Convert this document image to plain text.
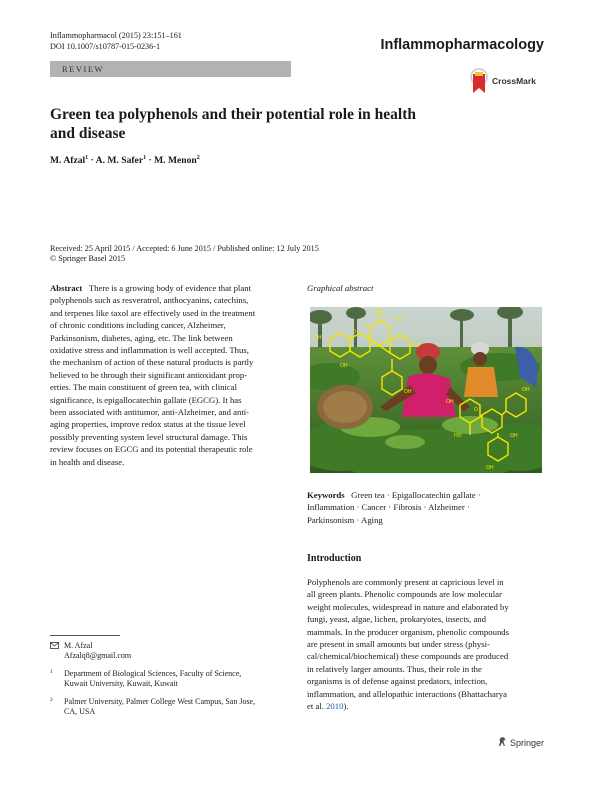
Inflammopharmacol (2015) 23:151–161
DOI 10.1007/s10787-015-0236-1	Inflammopharmacology
REVIEW
CrossMark
Green tea polyphenols and their potential role in health
and disease
M. Afzal$^1$ · A. M. Safer$^1$ · M. Menon$^2$
Received: 25 April 2015 / Accepted: 6 June 2015 / Published online: 12 July 2015
© Springer Basel 2015
Abstract There is a growing body of evidence that plant
polyphenols such as resveratrol, anthocyanins, catechins,
and terpenes like taxol are effectively used in the treatment
of chronic conditions including cancer, Alzheimer,
Parkinsonism, diabetes, aging, etc. The link between
oxidative stress and inflammation is well accepted. Thus,
the mechanism of action of these natural products is partly
believed to be through their significant antioxidant prop-
erties. The main constituent of green tea, with clinical
significance, is epigallocatechin gallate (EGCG). It has
been associated with antitumor, anti-Alzheimer, and anti-
aging properties, improve redox status at the tissue level
possibly preventing system level structural damage. This
review focuses on EGCG and its potential therapeutic role
in health and disease.
Graphical abstract
OH
OH
OH
OH
OH
OH
OH
OH
OH
OH
O
O
H
HO
Keywords Green tea · Epigallocatechin gallate ·
Inflammation · Cancer · Fibrosis · Alzheimer ·
Parkinsonism · Aging
Introduction
Polyphenols are commonly present at capricious level in
all green plants. Phenolic compounds are low molecular
weight molecules, widespread in nature and elaborated by
fungi, yeast, algae, lichen, prokaryotes, insects, and
mammals. In the producer organism, phenolic compounds
are present in small amounts but under stress (physi-
cal/chemical/biochemical) these compounds are produced
in relatively larger amounts. Thus, their role in the
organisms is of defense against predators, infection,
inflammation, and allelopathic interactions (Bhattacharya
et al. 2010).
M. Afzal
Afzalq8@gmail.com
1	Department of Biological Sciences, Faculty of Science,
Kuwait University, Kuwait, Kuwait
2	Palmer University, Palmer College West Campus, San Jose,
CA, USA
Springer
